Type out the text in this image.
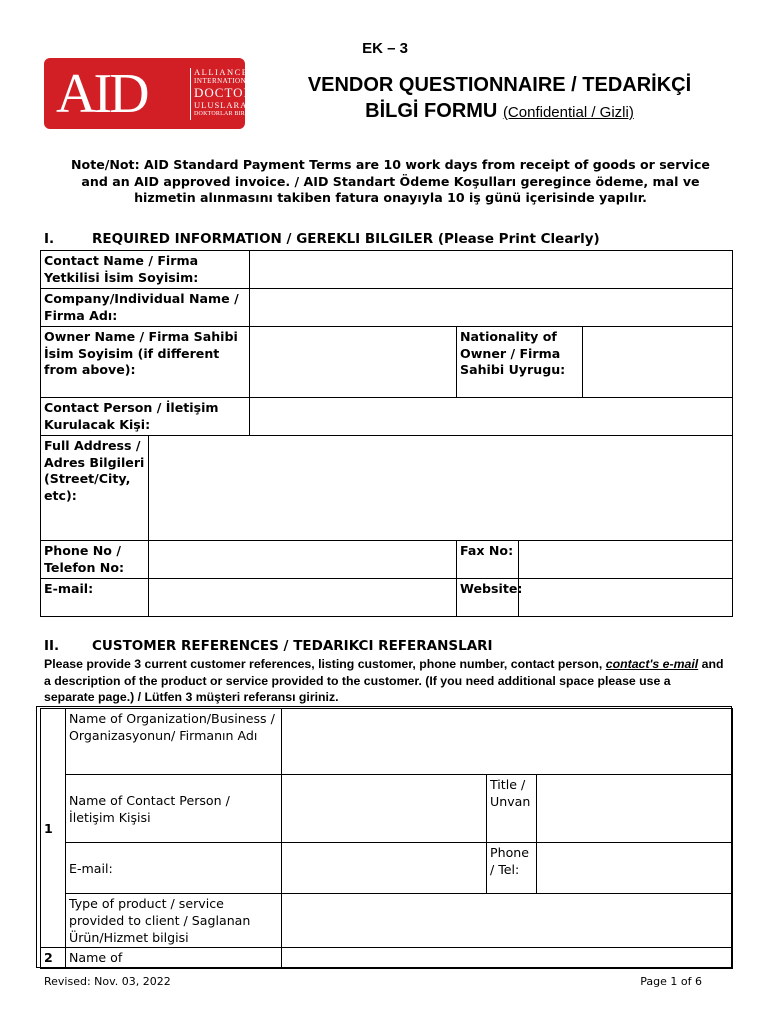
EK – 3
AID	ALLIANCE OF
INTERNATIONAL
DOCTORS
ULUSLARARASI
DOKTORLAR BIRLIGI
VENDOR QUESTIONNAIRE / TEDARİKÇİ
BİLGİ FORMU (Confidential / Gizli)
Note/Not: AID Standard Payment Terms are 10 work days from receipt of goods or service and an AID approved invoice. / AID Standart Ödeme Koşulları geregince ödeme, mal ve hizmetin alınmasını takiben fatura onayıyla 10 iş günü içerisinde yapılır.
I.	REQUIRED INFORMATION / GEREKLI BILGILER (Please Print Clearly)
Contact Name / Firma Yetkilisi İsim Soyisim:					
Company/Individual Name / Firma Adı:					
Owner Name / Firma Sahibi İsim Soyisim (if different from above):			Nationality of Owner / Firma Sahibi Uyrugu:		
Contact Person / İletişim Kurulacak Kişi:					
Full Address / Adres Bilgileri (Street/City, etc):					
Phone No / Telefon No:			Fax No:		
E-mail:			Website:		
II. CUSTOMER REFERENCES / TEDARIKCI REFERANSLARI
Please provide 3 current customer references, listing customer, phone number, contact person, contact's e-mail and a description of the product or service provided to the customer. (If you need additional space please use a separate page.) / Lütfen 3 müşteri referansı giriniz.
1	Name of Organization/Business / Organizasyonun/ Firmanın Adı			
	Name of Contact Person / İletişim Kişisi		Title / Unvan	
	E-mail:		Phone / Tel:	
	Type of product / service provided to client / Saglanan Ürün/Hizmet bilgisi			
2	Name of			
Revised: Nov. 03, 2022	Page 1 of 6
